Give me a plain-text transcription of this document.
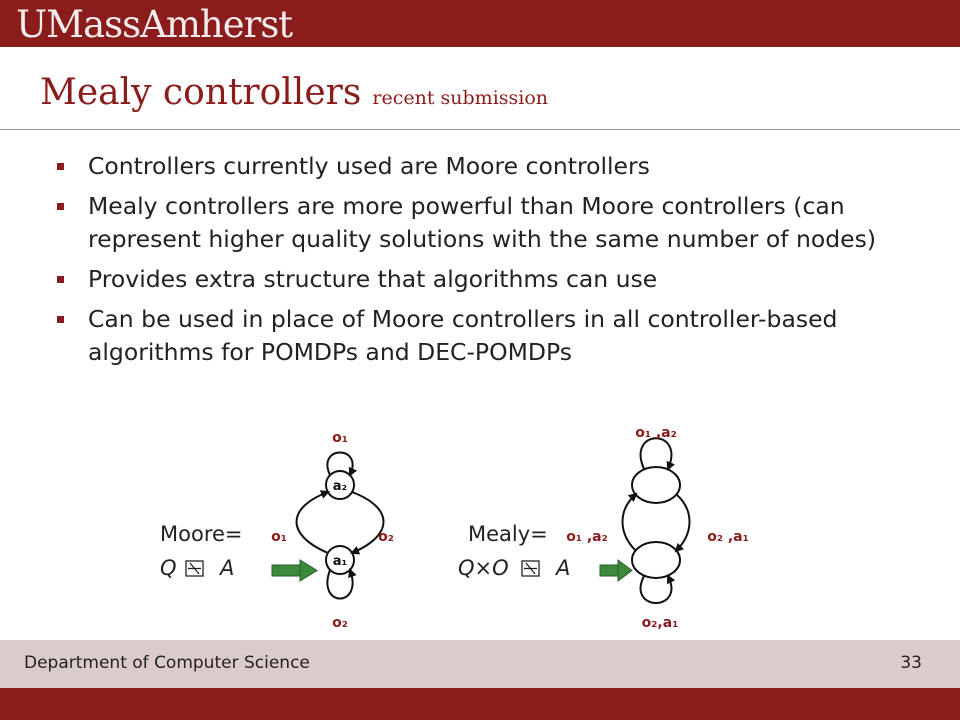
UMassAmherst
Mealy controllers recent submission
Controllers currently used are Moore controllers
Mealy controllers are more powerful than Moore controllers (can represent higher quality solutions with the same number of nodes)
Provides extra structure that algorithms can use
Can be used in place of Moore controllers in all controller-based algorithms for POMDPs and DEC-POMDPs
Moore=
Q A
a₂
a₁
o₁
o₂
o₁	o₂	Mealy=
Q×O A
o₁ ,a₂
o₂,a₁
o₁ ,a₂	o₂ ,a₁
Department of Computer Science	33
